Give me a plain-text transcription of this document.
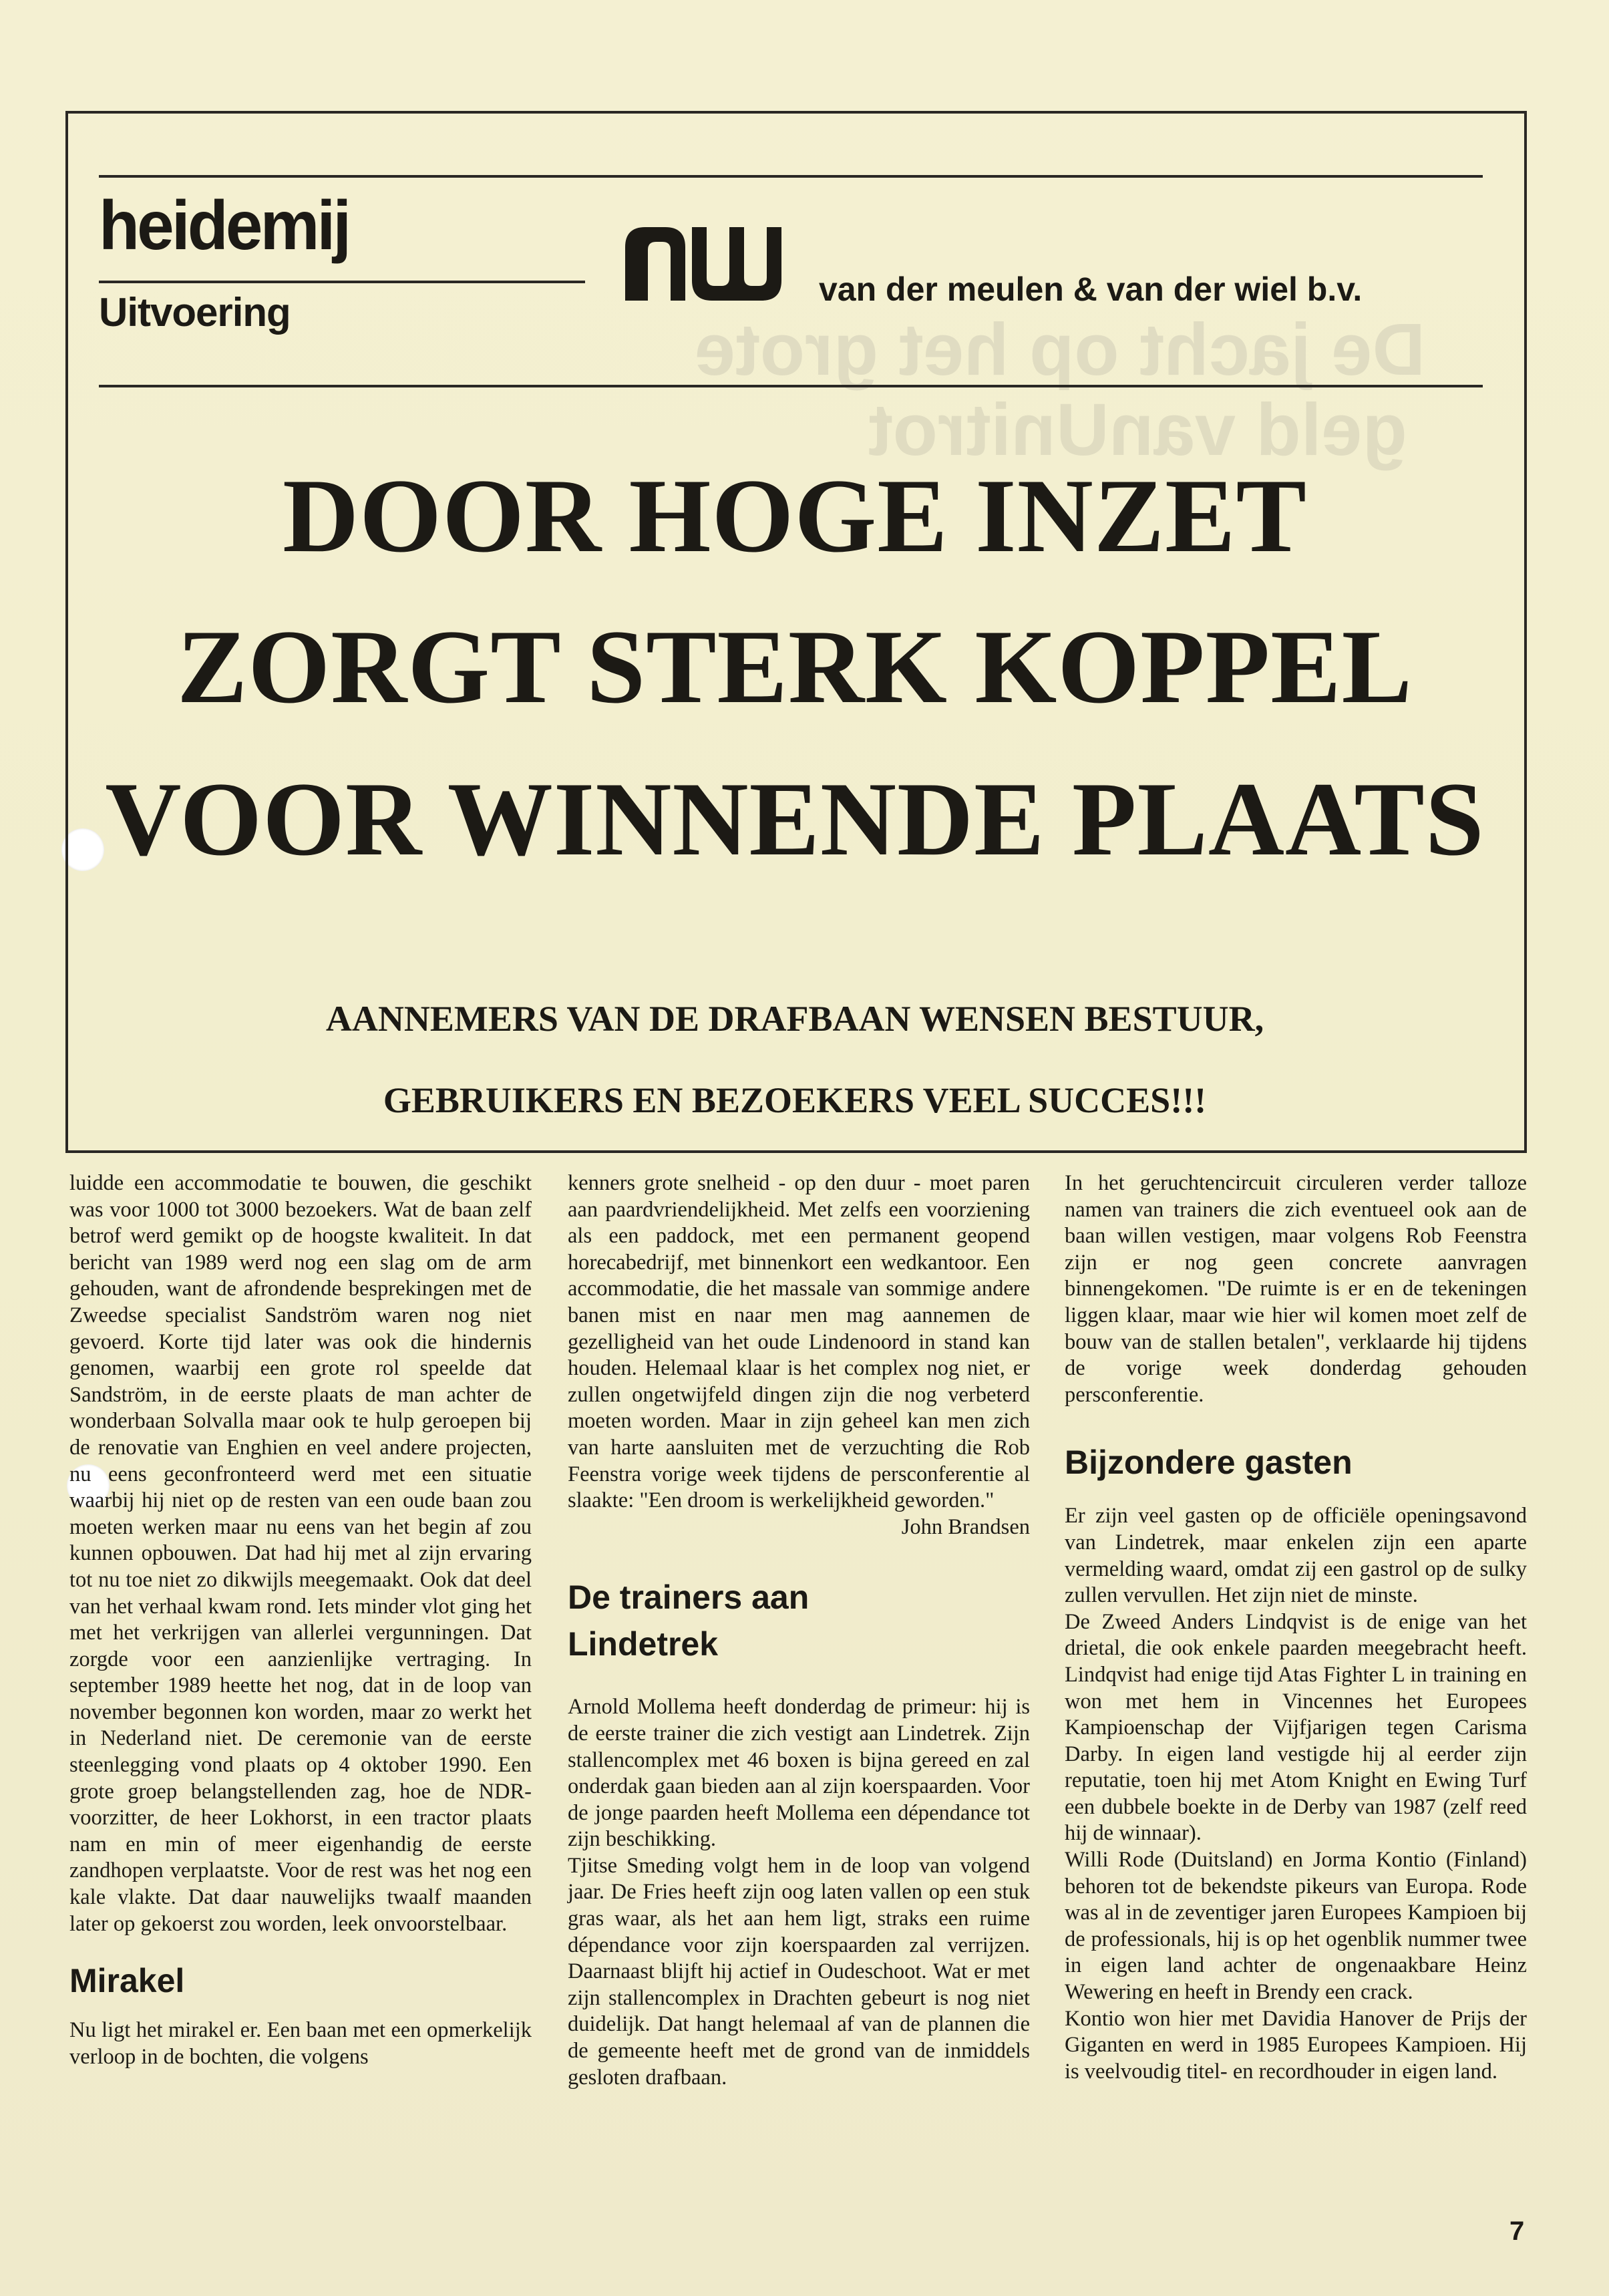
heidemij
Uitvoering
van der meulen & van der wiel b.v.
DOOR HOGE INZET
ZORGT STERK KOPPEL
VOOR WINNENDE PLAATS
AANNEMERS VAN DE DRAFBAAN WENSEN BESTUUR,
GEBRUIKERS EN BEZOEKERS VEEL SUCCES!!!

luidde een accommodatie te bouwen, die geschikt was voor 1000 tot 3000 bezoekers. Wat de baan zelf betrof werd gemikt op de hoogste kwaliteit. In dat bericht van 1989 werd nog een slag om de arm gehouden, want de afrondende besprekingen met de Zweedse specialist Sandström waren nog niet gevoerd. Korte tijd later was ook die hindernis genomen, waarbij een grote rol speelde dat Sandström, in de eerste plaats de man achter de wonderbaan Solvalla maar ook te hulp geroepen bij de renovatie van Enghien en veel andere projecten, nu eens geconfronteerd werd met een situatie waarbij hij niet op de resten van een oude baan zou moeten werken maar nu eens van het begin af zou kunnen opbouwen. Dat had hij met al zijn ervaring tot nu toe niet zo dikwijls meegemaakt. Ook dat deel van het verhaal kwam rond. Iets minder vlot ging het met het verkrijgen van allerlei vergunningen. Dat zorgde voor een aanzienlijke vertraging. In september 1989 heette het nog, dat in de loop van november begonnen kon worden, maar zo werkt het in Nederland niet. De ceremonie van de eerste steenlegging vond plaats op 4 oktober 1990. Een grote groep belangstellenden zag, hoe de NDR-voorzitter, de heer Lokhorst, in een tractor plaats nam en min of meer eigenhandig de eerste zandhopen verplaatste. Voor de rest was het nog een kale vlakte. Dat daar nauwelijks twaalf maanden later op gekoerst zou worden, leek onvoorstelbaar.

Mirakel

Nu ligt het mirakel er. Een baan met een opmerkelijk verloop in de bochten, die volgens

kenners grote snelheid - op den duur - moet paren aan paardvriendelijkheid. Met zelfs een voorziening als een paddock, met een permanent geopend horecabedrijf, met binnenkort een wedkantoor. Een accommodatie, die het massale van sommige andere banen mist en naar men mag aannemen de gezelligheid van het oude Lindenoord in stand kan houden. Helemaal klaar is het complex nog niet, er zullen ongetwijfeld dingen zijn die nog verbeterd moeten worden. Maar in zijn geheel kan men zich van harte aansluiten met de verzuchting die Rob Feenstra vorige week tijdens de persconferentie al slaakte: "Een droom is werkelijkheid geworden."

John Brandsen

De trainers aan Lindetrek

Arnold Mollema heeft donderdag de primeur: hij is de eerste trainer die zich vestigt aan Lindetrek. Zijn stallencomplex met 46 boxen is bijna gereed en zal onderdak gaan bieden aan al zijn koerspaarden. Voor de jonge paarden heeft Mollema een dépendance tot zijn beschikking.

Tjitse Smeding volgt hem in de loop van volgend jaar. De Fries heeft zijn oog laten vallen op een stuk gras waar, als het aan hem ligt, straks een ruime dépendance voor zijn koerspaarden zal verrijzen. Daarnaast blijft hij actief in Oudeschoot. Wat er met zijn stallencomplex in Drachten gebeurt is nog niet duidelijk. Dat hangt helemaal af van de plannen die de gemeente heeft met de grond van de inmiddels gesloten drafbaan.

In het geruchtencircuit circuleren verder talloze namen van trainers die zich eventueel ook aan de baan willen vestigen, maar volgens Rob Feenstra zijn er nog geen concrete aanvragen binnengekomen. "De ruimte is er en de tekeningen liggen klaar, maar wie hier wil komen moet zelf de bouw van de stallen betalen", verklaarde hij tijdens de vorige week donderdag gehouden persconferentie.

Bijzondere gasten

Er zijn veel gasten op de officiële openingsavond van Lindetrek, maar enkelen zijn een aparte vermelding waard, omdat zij een gastrol op de sulky zullen vervullen. Het zijn niet de minste.

De Zweed Anders Lindqvist is de enige van het drietal, die ook enkele paarden meegebracht heeft. Lindqvist had enige tijd Atas Fighter L in training en won met hem in Vincennes het Europees Kampioenschap der Vijfjarigen tegen Carisma Darby. In eigen land vestigde hij al eerder zijn reputatie, toen hij met Atom Knight en Ewing Turf een dubbele boekte in de Derby van 1987 (zelf reed hij de winnaar).

Willi Rode (Duitsland) en Jorma Kontio (Finland) behoren tot de bekendste pikeurs van Europa. Rode was al in de zeventiger jaren Europees Kampioen bij de professionals, hij is op het ogenblik nummer twee in eigen land achter de ongenaakbare Heinz Wewering en heeft in Brendy een crack.

Kontio won hier met Davidia Hanover de Prijs der Giganten en werd in 1985 Europees Kampioen. Hij is veelvoudig titel- en recordhouder in eigen land.

7
